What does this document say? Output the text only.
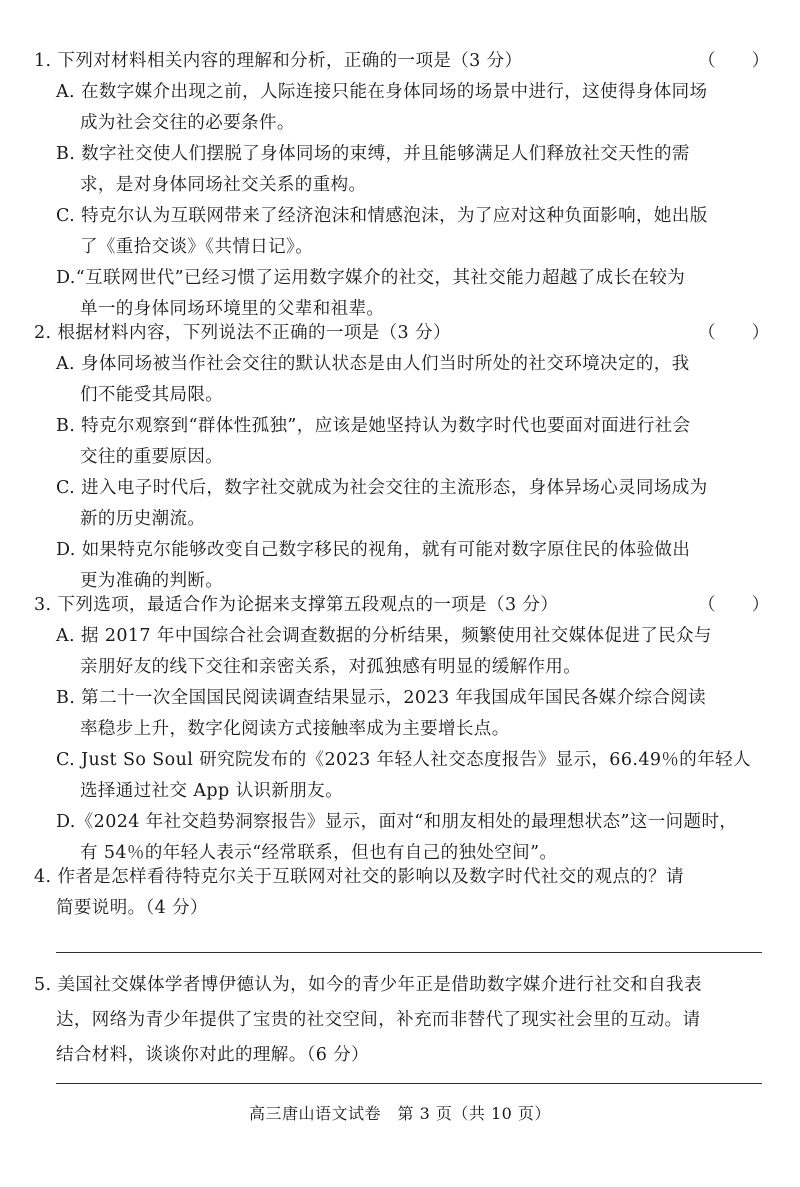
1. 下列对材料相关内容的理解和分析，正确的一项是（3 分）	（　　）
A. 在数字媒介出现之前，人际连接只能在身体同场的场景中进行，这使得身体同场
成为社会交往的必要条件。
B. 数字社交使人们摆脱了身体同场的束缚，并且能够满足人们释放社交天性的需
求，是对身体同场社交关系的重构。
C. 特克尔认为互联网带来了经济泡沫和情感泡沫，为了应对这种负面影响，她出版
了《重拾交谈》《共情日记》。
D.“互联网世代”已经习惯了运用数字媒介的社交，其社交能力超越了成长在较为
单一的身体同场环境里的父辈和祖辈。
2. 根据材料内容，下列说法不正确的一项是（3 分）	（　　）
A. 身体同场被当作社会交往的默认状态是由人们当时所处的社交环境决定的，我
们不能受其局限。
B. 特克尔观察到“群体性孤独”，应该是她坚持认为数字时代也要面对面进行社会
交往的重要原因。
C. 进入电子时代后，数字社交就成为社会交往的主流形态，身体异场心灵同场成为
新的历史潮流。
D. 如果特克尔能够改变自己数字移民的视角，就有可能对数字原住民的体验做出
更为准确的判断。
3. 下列选项，最适合作为论据来支撑第五段观点的一项是（3 分）	（　　）
A. 据 2017 年中国综合社会调查数据的分析结果，频繁使用社交媒体促进了民众与
亲朋好友的线下交往和亲密关系，对孤独感有明显的缓解作用。
B. 第二十一次全国国民阅读调查结果显示，2023 年我国成年国民各媒介综合阅读
率稳步上升，数字化阅读方式接触率成为主要增长点。
C. Just So Soul 研究院发布的《2023 年轻人社交态度报告》显示，66.49％的年轻人
选择通过社交 App 认识新朋友。
D.《2024 年社交趋势洞察报告》显示，面对“和朋友相处的最理想状态”这一问题时，
有 54％的年轻人表示“经常联系，但也有自己的独处空间”。
4. 作者是怎样看待特克尔关于互联网对社交的影响以及数字时代社交的观点的？请
简要说明。（4 分）
5. 美国社交媒体学者博伊德认为，如今的青少年正是借助数字媒介进行社交和自我表
达，网络为青少年提供了宝贵的社交空间，补充而非替代了现实社会里的互动。请
结合材料，谈谈你对此的理解。（6 分）
高三唐山语文试卷　第 3 页（共 10 页）
